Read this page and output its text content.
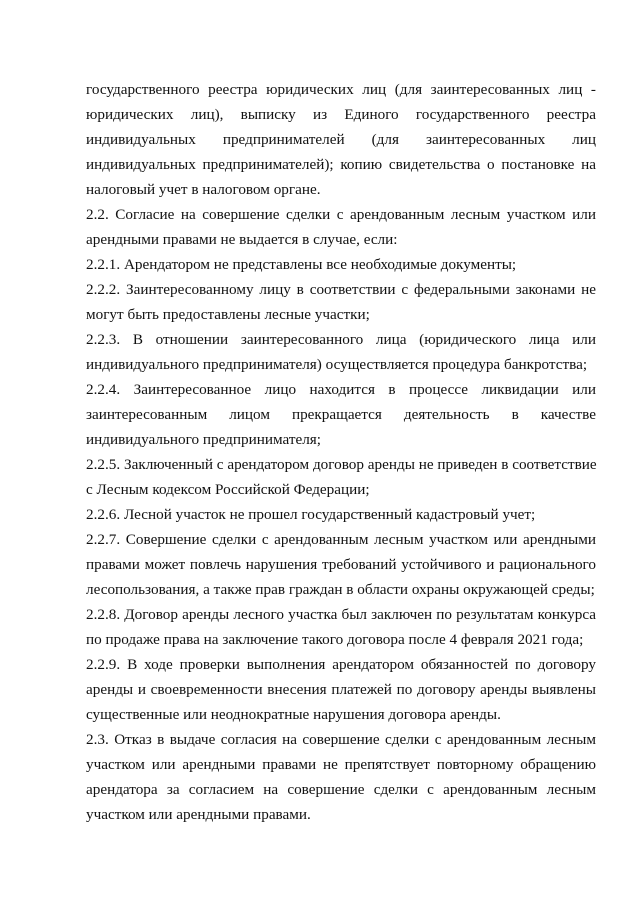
государственного реестра юридических лиц (для заинтересованных лиц -
юридических лиц), выписку из Единого государственного реестра
индивидуальных предпринимателей (для заинтересованных лиц
индивидуальных предпринимателей); копию свидетельства о постановке на
налоговый учет в налоговом органе.
2.2. Согласие на совершение сделки с арендованным лесным участком или
арендными правами не выдается в случае, если:
2.2.1. Арендатором не представлены все необходимые документы;
2.2.2. Заинтересованному лицу в соответствии с федеральными законами не
могут быть предоставлены лесные участки;
2.2.3. В отношении заинтересованного лица (юридического лица или
индивидуального предпринимателя) осуществляется процедура банкротства;
2.2.4. Заинтересованное лицо находится в процессе ликвидации или
заинтересованным лицом прекращается деятельность в качестве
индивидуального предпринимателя;
2.2.5. Заключенный с арендатором договор аренды не приведен в соответствие
с Лесным кодексом Российской Федерации;
2.2.6. Лесной участок не прошел государственный кадастровый учет;
2.2.7. Совершение сделки с арендованным лесным участком или арендными
правами может повлечь нарушения требований устойчивого и рационального
лесопользования, а также прав граждан в области охраны окружающей среды;
2.2.8. Договор аренды лесного участка был заключен по результатам конкурса
по продаже права на заключение такого договора после 4 февраля 2021 года;
2.2.9. В ходе проверки выполнения арендатором обязанностей по договору
аренды и своевременности внесения платежей по договору аренды выявлены
существенные или неоднократные нарушения договора аренды.
2.3. Отказ в выдаче согласия на совершение сделки с арендованным лесным
участком или арендными правами не препятствует повторному обращению
арендатора за согласием на совершение сделки с арендованным лесным
участком или арендными правами.
